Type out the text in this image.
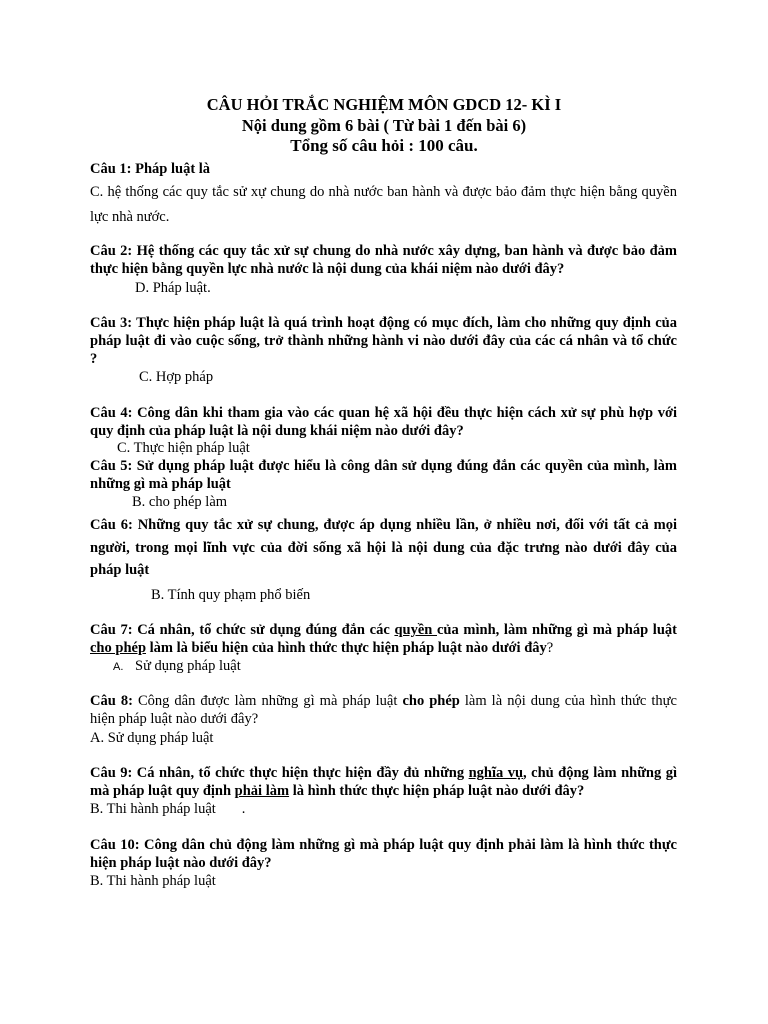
CÂU HỎI TRẮC NGHIỆM MÔN GDCD 12- KÌ I
Nội dung gồm 6 bài ( Từ bài 1 đến bài 6)
Tổng số câu hỏi : 100 câu.
Câu 1: Pháp luật là
C. hệ thống các quy tắc sử xự chung do nhà nước ban hành và được bảo đảm thực hiện bằng quyền lực nhà nước.
Câu 2: Hệ thống các quy tắc xử sự chung do nhà nước xây dựng, ban hành và được bảo đảm thực hiện bằng quyền lực nhà nước là nội dung của khái niệm nào dưới đây?
D. Pháp luật.
Câu 3: Thực hiện pháp luật là quá trình hoạt động có mục đích, làm cho những quy định của pháp luật đi vào cuộc sống, trở thành những hành vi nào dưới đây của các cá nhân và tổ chức ?
C. Hợp pháp
Câu 4: Công dân khi tham gia vào các quan hệ xã hội đều thực hiện cách xử sự phù hợp với quy định của pháp luật là nội dung khái niệm nào dưới đây?
C. Thực hiện pháp luật
Câu 5: Sử dụng pháp luật được hiểu là công dân sử dụng đúng đắn các quyền của mình, làm những gì mà pháp luật
B. cho phép làm
Câu 6: Những quy tắc xử sự chung, được áp dụng nhiều lần, ở nhiều nơi, đối với tất cả mọi người, trong mọi lĩnh vực của đời sống xã hội là nội dung của đặc trưng nào dưới đây của pháp luật
B. Tính quy phạm phổ biến
Câu 7: Cá nhân, tổ chức sử dụng đúng đắn các quyền của mình, làm những gì mà pháp luật cho phép làm là biểu hiện của hình thức thực hiện pháp luật nào dưới đây?
A. Sử dụng pháp luật
Câu 8: Công dân được làm những gì mà pháp luật cho phép làm là nội dung của hình thức thực hiện pháp luật nào dưới đây?
A. Sử dụng pháp luật
Câu 9: Cá nhân, tổ chức thực hiện thực hiện đầy đủ những nghĩa vụ, chủ động làm những gì mà pháp luật quy định phải làm là hình thức thực hiện pháp luật nào dưới đây?
B. Thi hành pháp luật .
Câu 10: Công dân chủ động làm những gì mà pháp luật quy định phải làm là hình thức thực hiện pháp luật nào dưới đây?
B. Thi hành pháp luật
